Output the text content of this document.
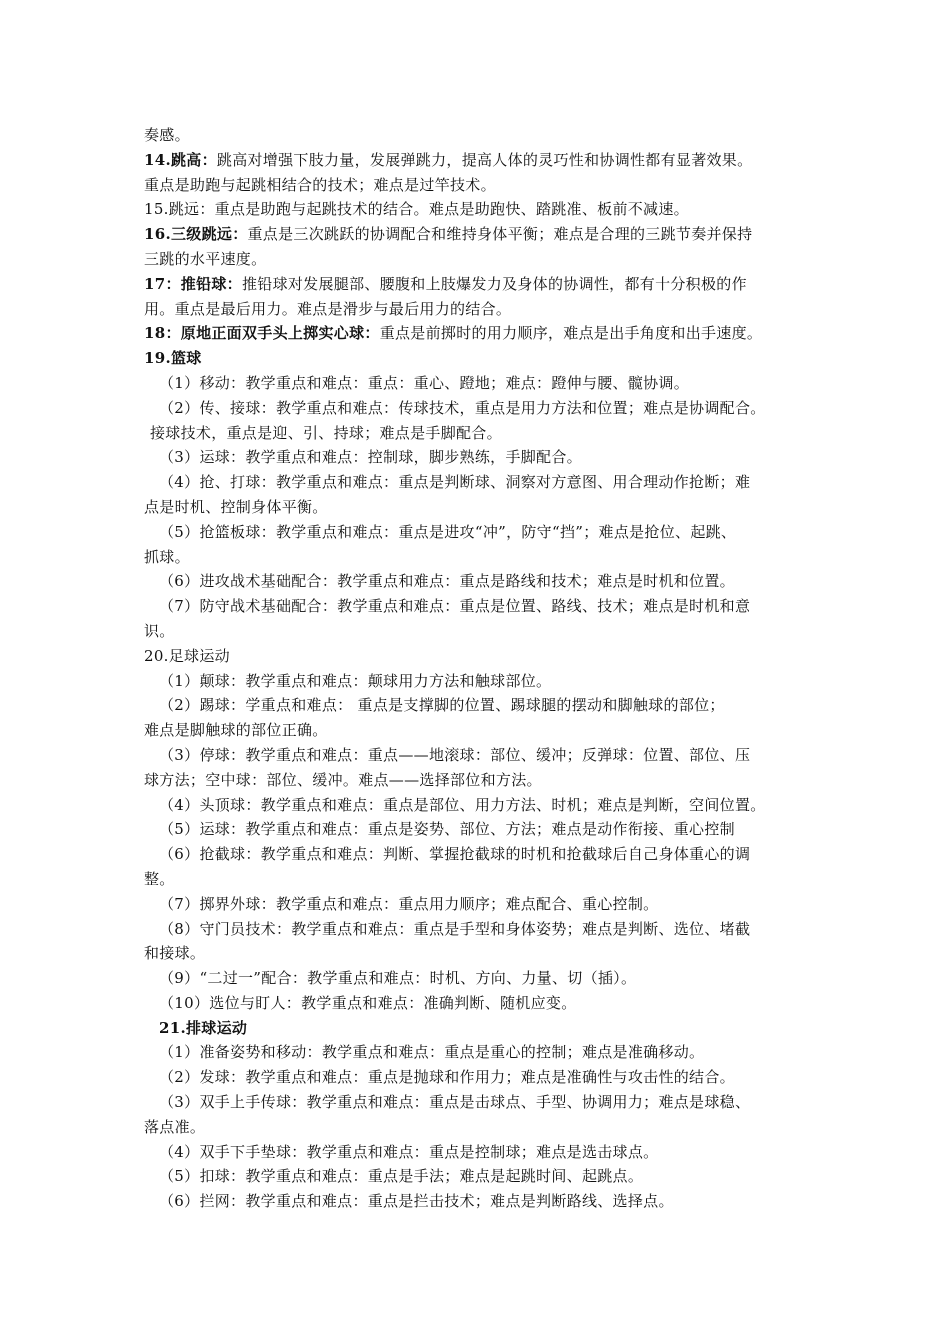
奏感。
14.跳高：跳高对增强下肢力量，发展弹跳力，提高人体的灵巧性和协调性都有显著效果。
重点是助跑与起跳相结合的技术；难点是过竿技术。
15.跳远：重点是助跑与起跳技术的结合。难点是助跑快、踏跳准、板前不减速。
16.三级跳远：重点是三次跳跃的协调配合和维持身体平衡；难点是合理的三跳节奏并保持
三跳的水平速度。
17：推铅球：推铅球对发展腿部、腰腹和上肢爆发力及身体的协调性，都有十分积极的作
用。重点是最后用力。难点是滑步与最后用力的结合。
18：原地正面双手头上掷实心球：重点是前掷时的用力顺序，难点是出手角度和出手速度。
19.篮球
（1）移动：教学重点和难点：重点：重心、蹬地；难点：蹬伸与腰、髋协调。
（2）传、接球：教学重点和难点：传球技术，重点是用力方法和位置；难点是协调配合。
接球技术，重点是迎、引、持球；难点是手脚配合。
（3）运球：教学重点和难点：控制球，脚步熟练，手脚配合。
（4）抢、打球：教学重点和难点：重点是判断球、洞察对方意图、用合理动作抢断；难
点是时机、控制身体平衡。
（5）抢篮板球：教学重点和难点：重点是进攻“冲”，防守“挡”；难点是抢位、起跳、
抓球。
（6）进攻战术基础配合：教学重点和难点：重点是路线和技术；难点是时机和位置。
（7）防守战术基础配合：教学重点和难点：重点是位置、路线、技术；难点是时机和意
识。
20.足球运动
（1）颠球：教学重点和难点：颠球用力方法和触球部位。
（2）踢球：学重点和难点： 重点是支撑脚的位置、踢球腿的摆动和脚触球的部位；
难点是脚触球的部位正确。
（3）停球：教学重点和难点：重点——地滚球：部位、缓冲；反弹球：位置、部位、压
球方法；空中球：部位、缓冲。难点——选择部位和方法。
（4）头顶球：教学重点和难点：重点是部位、用力方法、时机；难点是判断，空间位置。
（5）运球：教学重点和难点：重点是姿势、部位、方法；难点是动作衔接、重心控制
（6）抢截球：教学重点和难点：判断、掌握抢截球的时机和抢截球后自己身体重心的调
整。
（7）掷界外球：教学重点和难点：重点用力顺序；难点配合、重心控制。
（8）守门员技术：教学重点和难点：重点是手型和身体姿势；难点是判断、选位、堵截
和接球。
（9）“二过一”配合：教学重点和难点：时机、方向、力量、切（插）。
（10）选位与盯人：教学重点和难点：准确判断、随机应变。
21.排球运动
（1）准备姿势和移动：教学重点和难点：重点是重心的控制；难点是准确移动。
（2）发球：教学重点和难点：重点是抛球和作用力；难点是准确性与攻击性的结合。
（3）双手上手传球：教学重点和难点：重点是击球点、手型、协调用力；难点是球稳、
落点准。
（4）双手下手垫球：教学重点和难点：重点是控制球；难点是选击球点。
（5）扣球：教学重点和难点：重点是手法；难点是起跳时间、起跳点。
（6）拦网：教学重点和难点：重点是拦击技术；难点是判断路线、选择点。
